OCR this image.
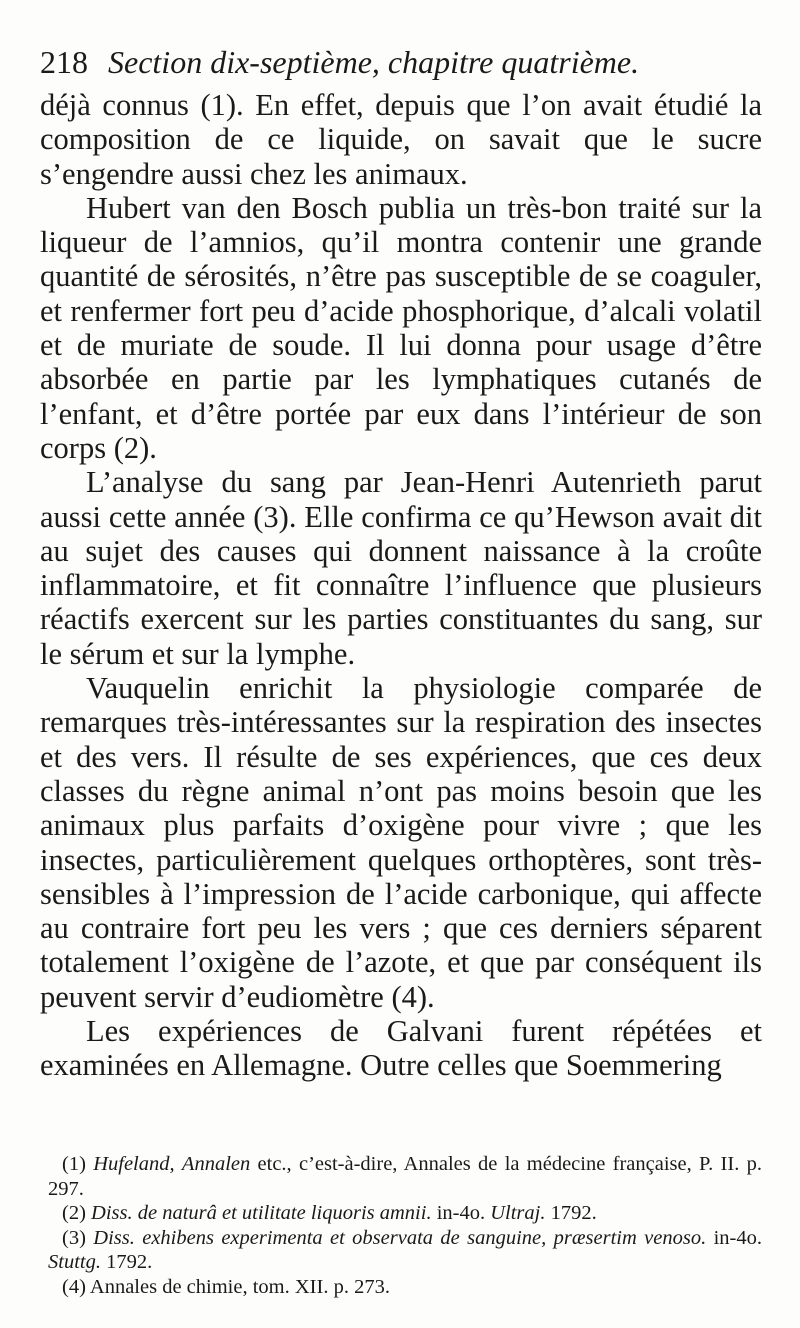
218 Section dix-septième, chapitre quatrième.

déjà connus (1). En effet, depuis que l’on avait étudié la composition de ce liquide, on savait que le sucre s’engendre aussi chez les animaux.

Hubert van den Bosch publia un très-bon traité sur la liqueur de l’amnios, qu’il montra contenir une grande quantité de sérosités, n’être pas susceptible de se coaguler, et renfermer fort peu d’acide phosphorique, d’alcali volatil et de muriate de soude. Il lui donna pour usage d’être absorbée en partie par les lymphatiques cutanés de l’enfant, et d’être portée par eux dans l’intérieur de son corps (2).

L’analyse du sang par Jean-Henri Autenrieth parut aussi cette année (3). Elle confirma ce qu’Hewson avait dit au sujet des causes qui donnent naissance à la croûte inflammatoire, et fit connaître l’influence que plusieurs réactifs exercent sur les parties constituantes du sang, sur le sérum et sur la lymphe.

Vauquelin enrichit la physiologie comparée de remarques très-intéressantes sur la respiration des insectes et des vers. Il résulte de ses expériences, que ces deux classes du règne animal n’ont pas moins besoin que les animaux plus parfaits d’oxigène pour vivre ; que les insectes, particulièrement quelques orthoptères, sont très-sensibles à l’impression de l’acide carbonique, qui affecte au contraire fort peu les vers ; que ces derniers séparent totalement l’oxigène de l’azote, et que par conséquent ils peuvent servir d’eudiomètre (4).

Les expériences de Galvani furent répétées et examinées en Allemagne. Outre celles que Soemmering

(1) Hufeland, Annalen etc., c’est-à-dire, Annales de la médecine française, P. II. p. 297.

(2) Diss. de naturâ et utilitate liquoris amnii. in-4o. Ultraj. 1792.

(3) Diss. exhibens experimenta et observata de sanguine, præsertim venoso. in-4o. Stuttg. 1792.

(4) Annales de chimie, tom. XII. p. 273.
